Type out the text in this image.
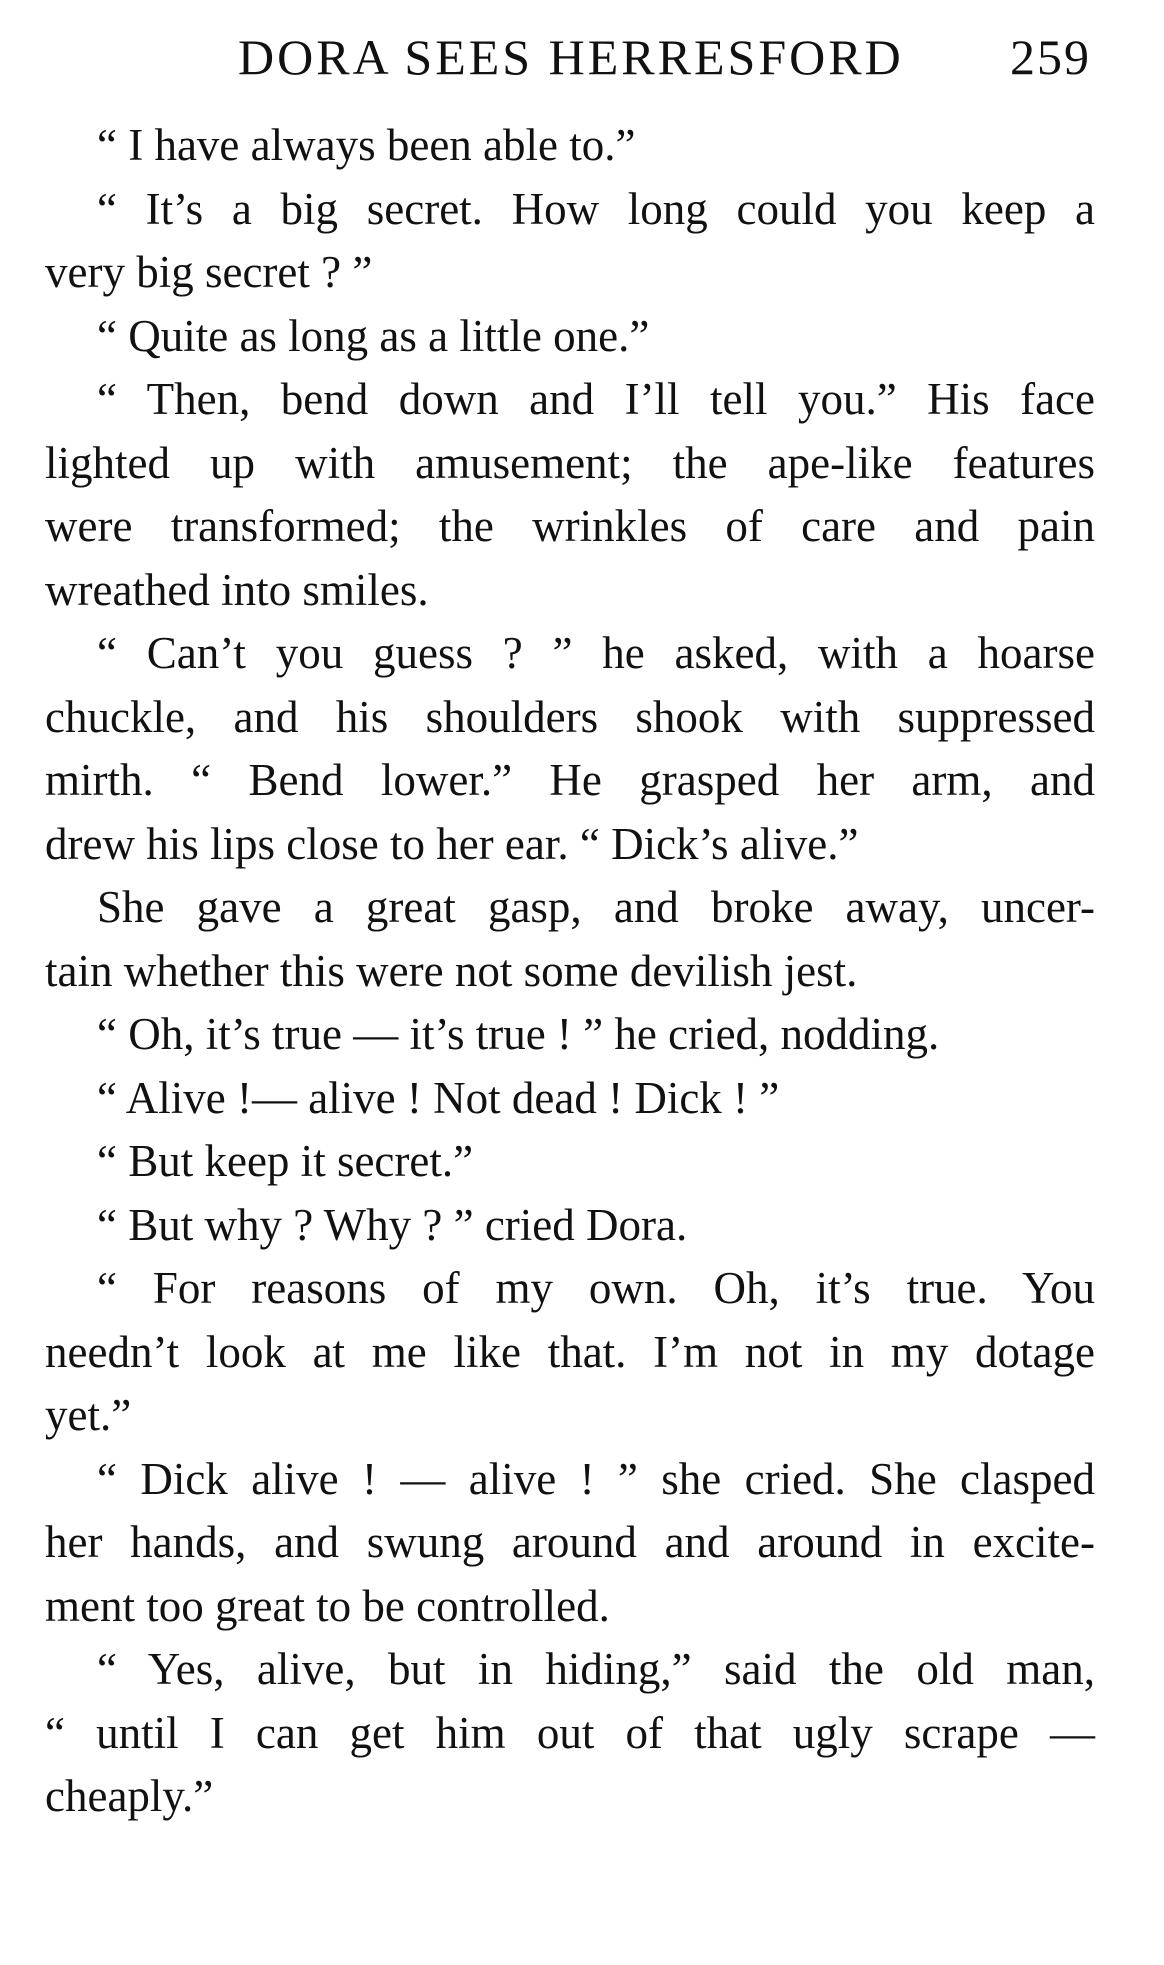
DORA SEES HERRESFORD 259
“ I have always been able to.”
“ It’s a big secret. How long could you keep a
very big secret ? ”
“ Quite as long as a little one.”
“ Then, bend down and I’ll tell you.” His face
lighted up with amusement; the ape-like features
were transformed; the wrinkles of care and pain
wreathed into smiles.
“ Can’t you guess ? ” he asked, with a hoarse
chuckle, and his shoulders shook with suppressed
mirth. “ Bend lower.” He grasped her arm, and
drew his lips close to her ear. “ Dick’s alive.”
She gave a great gasp, and broke away, uncer-
tain whether this were not some devilish jest.
“ Oh, it’s true — it’s true ! ” he cried, nodding.
“ Alive !— alive ! Not dead ! Dick ! ”
“ But keep it secret.”
“ But why ? Why ? ” cried Dora.
“ For reasons of my own. Oh, it’s true. You
needn’t look at me like that. I’m not in my dotage
yet.”
“ Dick alive ! — alive ! ” she cried. She clasped
her hands, and swung around and around in excite-
ment too great to be controlled.
“ Yes, alive, but in hiding,” said the old man,
“ until I can get him out of that ugly scrape —
cheaply.”
